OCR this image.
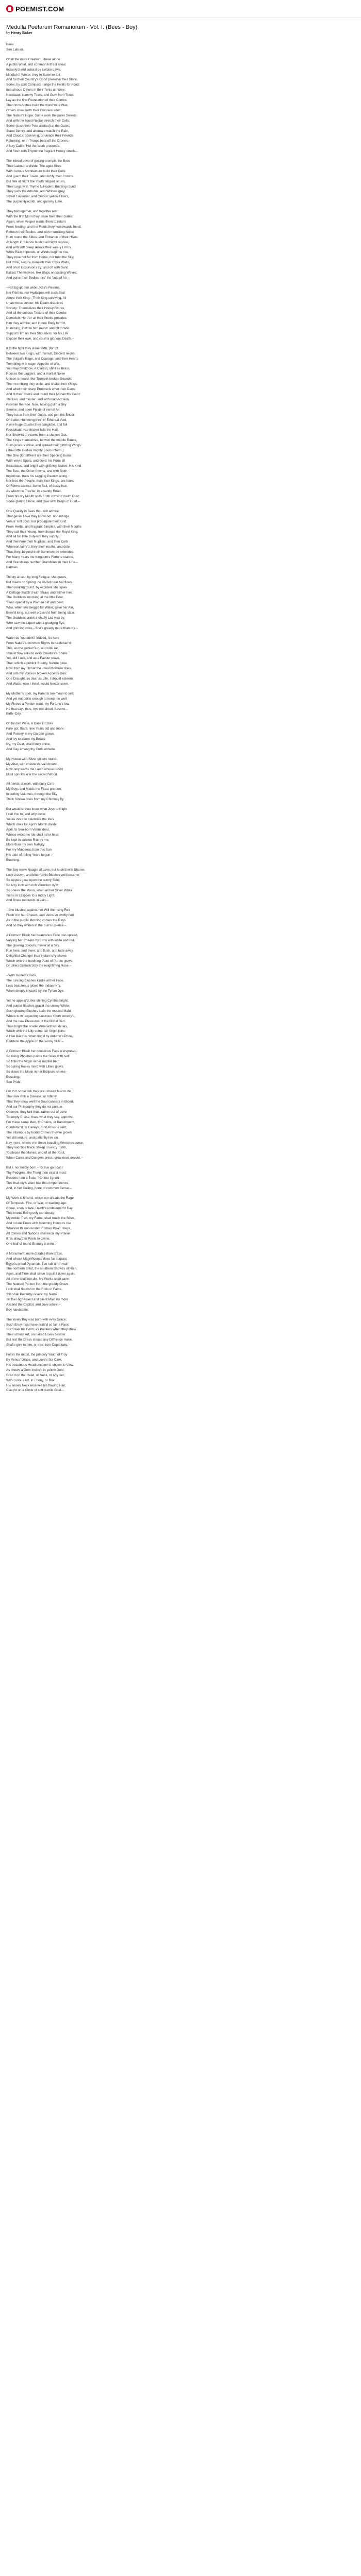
POEMIST.COM
Medulla Poetarum Romanorum - Vol. I. (Bees - Boy)
by Henry Baker
Bees
See Labour.
Of all the mute Creation, These alone
A public Weal, and common Int'rest know,
Indissly'd and subsist by certain Laws.
Mindful of Winter, they in Summer toil:
And for their Country's Good preserve their Store.
Some, by joint Compact, range the Fields for Food;
Industrious Others in their Tents at home,
Narcissus' clammy Tears, and Gum from Trees,
Lay as the first Foundation of their Combs:
Then Inco'Arches build the wond'rous Wax.
Others shew forth their Colonies adult,
The Nation's Hope: Some work the purer Sweets
And with the liquid Nectar stretch their Cells:
Some (such their Post allotted) at the Gates,
Stand Sentry, and alternate watch the Rain,
And Clouds; observing, or unlade their Friends
Returning; or in Troops beat off the Drones,
A lazy Cattle: Hot the Work proceeds:
And fresh with Thyme the fragrant Honey smells.--
The inbred Love of getting prompts the Bees
Their Labour to divide: The aged Sires
With curious Architecture build their Cells:
And guard their Towns, and fortify their Combs.
But late at Night the Youth fatigu'd return,
Their Legs with Thyme full-laden: Bus'ring round
They suck the Arbutus, and Willows grey,
Sweet Lavender, and Crocus' yellow Flow'r,
The purple Hyacinth, and gummy Lime.
They toil together, and together rest:
With the first Morn they issue from their Gates:
Again, when Vesper warns them to return
From feeding, and the Fields they homewards bend;
Refresh their Bodies, and with murm'ring Noise
Hum round the Sides, and Entrance of their Hives:
At length in Silence hush'd all Night repose,
And with soft Sleep relieve their weary Limbs.
While Rain impends, or Winds begin to rise,
They rove not far from Home, nor trust the Sky;
But drink, secure, beneath their City's Walls,
And short Excursions try; and oft with Sand
Ballast Themselves, like Ships on tossing Waves;
And poise their Bodies thro' the Void of Air.--
--Not Egypt, nor wide Lydia's Realms,
Nor Parthia, nor Hydaspes will such Zeal
Adore their King.--Their King surviving, All
Unanimous concur: his Death dissolves
Society: Themselves their Honey-Stores,
And all the curious Texture of their Combs
Demolish: He o'er all their Works presides:
Him they admire; and in one Body form'd,
Humming, incloze him round: and oft in War
Support Him on their Shoulders: for his Life
Expose their own, and court a glorious Death.--
If to the fight they issue forth, (for oft
Between two Kings, with Tumult, Discord reigns:
The Vulgar's Rage, and Courage, and their Hearts
Trembling with eager Appetite of War,
You may foreknow. A Clarion, shrill as Brass,
Rouses the Laggers; and a martial Noise
Unison is heard, like Trumpet-broken Sounds:
Then trembling they unite, and shake their Wings;
And whet their sharp Proboscis whet their Darts;
And fit their Claws and round their Monarch's Court
Thicken, and muster: and with loud Acclaim
Provoke the Foe. Now, having got'n a Sky
Serene, and open Fields of vernal Air,
They issue from their Gates, and join the Shock
Of Battle: Humming thro' th' Ethereal Void,
A one huge Cluster they conglobe, and fall
Precipitate: Nor thicker falls the Hail,
Nor Show'rs of Acorns from a shaken Oak.
The Kings themselves, betwixt the middle Ranks,
Conspicuous shine, and spread their glitt'ring Wings:
(Their little Bodies mighty Souls inform.)
The One (for diff'rent are their Species) burns
With very'd Spots, and Gold: his Form all
Beauteous, and bright with glitt'ring Scales: His Kind
The Best; the Other frowns, and with Sloth
Inglorious, trails his sagging Paunch along.
Nor less the People, than their Kings, are found
Of Forms distinct: Some foul, of dusty hue,
As when the Trav'ler, in a sandy Road,
From his dry Mouth spits Froth convinc'd with Dust:
Some glaring Shine, and glow with Drops of Gold.--
One Quality in Bees thou wilt admire:
That genial Love they know not, nor indulge
Venus' soft Joys; nor propagate their Kind:
From Herbs, and fragrant Simples, with their Mouths
They cull their Young; from thence the Royal King,
And all his little Subjects they supply;
And therefore their Nuptials, and their Cells
Whereon,fairly'd, they their Youths, and dole;
Thus they, beyond their Summers be extended,
For Many Years the Kingdom's Fortune stands,
And Grandsires number Grandsires in their Line.--
Batman.
Thirsty at last, by long Fatigue, she grows,
But meets no Spring; no Riv'let near her flows.
Then looking round, by Accident she spies
A Cottage thatch'd with Straw, and thither hies.
The Goddess knocking at the little Door,
'Twas open'd by a Woman old and poor;
Who, when she begg'd for Water, gave her Ale,
Brew'd long, but well preserv'd from being stale.
The Goddess drank a chuffy Lad was by,
Who saw the Liquor with a grudging Eye,
And grinning cries,--She's greedy more than dry.--
Water do You drink? Indeed, 'tis hard
From Nature's common Rights to be debarr'd:
This, as the genial Sun, and vital Air,
Should flow alike to ev'ry Creature's Share.
Yet, still I ask, and as a Favour crave,
That, which a publick Bounty, Nature gave.
Now from my Throat the usual Moisture dries,
And arm my Voice in broken Accents dies:
One Draught, as dear as Life, I should esteem,
And Water, now I thirst, would Nectar seem.--
My Mother's poor, my Parents too mean to sell;
And yet not polite enough to keep me well;
My Fleece a Portion want, my Fortune's low:
He that says thus, trys not aloud, Bestow.--
Birth--Day.
Of Tuscan Wine, a Cask in Store
Fare got, that's nine Years old and more:
And Parsley in my Garden grows,
And Ivy to adorn thy Brows:
Ivy, my Dear, shall finely shine,
And Gay among thy Curls entwine.
My House with Silver glitters round:
My Altar, with chaste Vervain bound,
Now only wants the Lamb whose Blood
Must sprinkle o'er the sacred Wood.
All hands at work, with busy Care
My Boys and Maids the Feast prepare:
In curling Volumes, through the Sky
Thick Smoke does from my Chimney fly.
But would'st thou know what Joys to-Night
I call You to, and why invite:
You're more to celebrate the Ides
Which does for April's Month divide:
April, to Sea-born Venus dear,
Whose welcome Ide shall ne'er hear,
Be kept in solemn Rite by me,
More than my own Nativity:
For my Mæcenas from this Sun
His date of rolling Years begun.--
Blushing.
The Boy knew Nought of Love, but hush'd with Shame,
Look'd down, and blush'd his Blushes well became:
So Apples glow upon the sunny Side;
So Iv'ry look with rich Vermilion dy'd;
So shews the Moon, when all her Silver White
Turns in Eclipses to a ruddy Light,
And Brass resounds in vain.--
--She blush'd; against her Will the rising Red
Flush'd in her Cheeks, and Veins so swiftly fled:
As in the purple Morning comes the Rays
And so they whiten at the Sun's up--rise.--
A Crimson Blush her beauteous Face o'er-spread,
Varying her Cheeks by turns with white and red.
The glowing Colours, newer at a Sky,
Run here, and there, and flush, and fade away.
Delightful Change! thus Indian Iv'ry shows
Which with the bord'ring Paint of Purple glows:
Or Lillies damask'd by the neighb'ring Rose.--
--With modest Grace,
The running Blushes kindle all her Face.
Less beauteous glows the Indian Iv'ry,
When deeply tinctur'd by the Tyrian Dye.
Yet he appear'd, like shining Cynthia bright,
And purple Blushes grac'd the snowy White:
Such glowing Blushes stain the modest Maid,
Where to th' expecting Lustrous Youth convey'd,
And the new Pleasures of the Bridal Bed.
Thus bright the scarlet Amaranthus shines,
Which with the Lilly some fair Virgin joins:
A Hue like this, when ting'd by Autumn's Pride,
Reddens the Apple on the sunny Side.--
A Crimson Blush her conscious Face o'erspread--
So rising Phoebus paints the Skies with red:
So tinks the Virgin in her nuptial Bed:
So spring Roses mix'd with Lillies glows
So down the Moon in her Eclipses shows--
Boasting.
See Pride.
For tho' some talk they less should fear to die,
Than live with a Disease, or Infamy:
That they know well the Soul consists in Blood,
And our Philosophy they do not pursue.
Observe, they talk thus, rather out of Love
To empty Praise, than, what they say, approve.
For these same Men, to Chains, or Banishment,
Condemn'd; to Galleys, or to Prisons sent;
The Infamous by horrid Crimes they've grown.
Yet still endure, and patiently live on.
Nay more, where-e'er these boasting Wretches come,
They sacrifice black Sheep on ev'ry Tomb,
To please the Manes; and of all the Rout,
When Cares and Dangers press, grow most devout.--
But I, nor boldly born,--To true go boast
Thy Pedigree, the Thing thou valu'st most:
Besides I am a Beau--Not too I grant--
Tho' that city's Want has thou Impertinence,
And, in her Calling, none of common Sense.--
My Work is finish'd, which nor dreads the Rage
Of Tempests, Fire, or War, or wasting age:
Come, soon or late, Death's undetermin'd Day,
This mortal Being only can decay;
My nobler Part, my Fame, shall reach the Skies,
And to late Times with blooming Honours rise:
Whate'er th' unbounded Roman Pow'r obeys,
All Climes and Nations shall recal my Praise:
If 'tis allow'd to Poets to divine,
One half of round Eternity is mine.--
A Monument, more durable than Brass,
And whose Magnificence does far surpass
Egypt's proud Pyramids, I've rais'd:--In vain
The northern Blast, the southern Show'rs of Rain,
Ages, and Time shall strive to pull it down again.
All of me shall not die: My Works shall save
The Noblest Portion from the greedy Grave:
I still shall flourish in the Rolls of Fame,
Still shall Posterity revere my Name:
Till the High-Priest and silent Maid no more
Ascend the Capitol, and Jove adore.--
Boy handsome.
The lovely Boy was born with ev'ry Grace;
Such Envy must have prais'd so fair a Face:
Such was his Form, as Painters when they shew
Their utmost Art, on naked Loves bestow:
But lest the Dress should any Diff'rence make,
Shafts give to him, or else from Cupid take.--
Full in the midst, the princely Youth of Troy
By Venus' Grace, and Love's fair Care,
His beauteous Head uncover'd, shown to View:
As shows a Gem inclos'd in yellow Gold,
Grac'd on the Head, or Neck, or lv'ry set,
With curious Art, in Ebony, or Box:
His snowy Neck receives his flowing Hair,
Clasp'd on a Circle of soft ductile Gold.--
